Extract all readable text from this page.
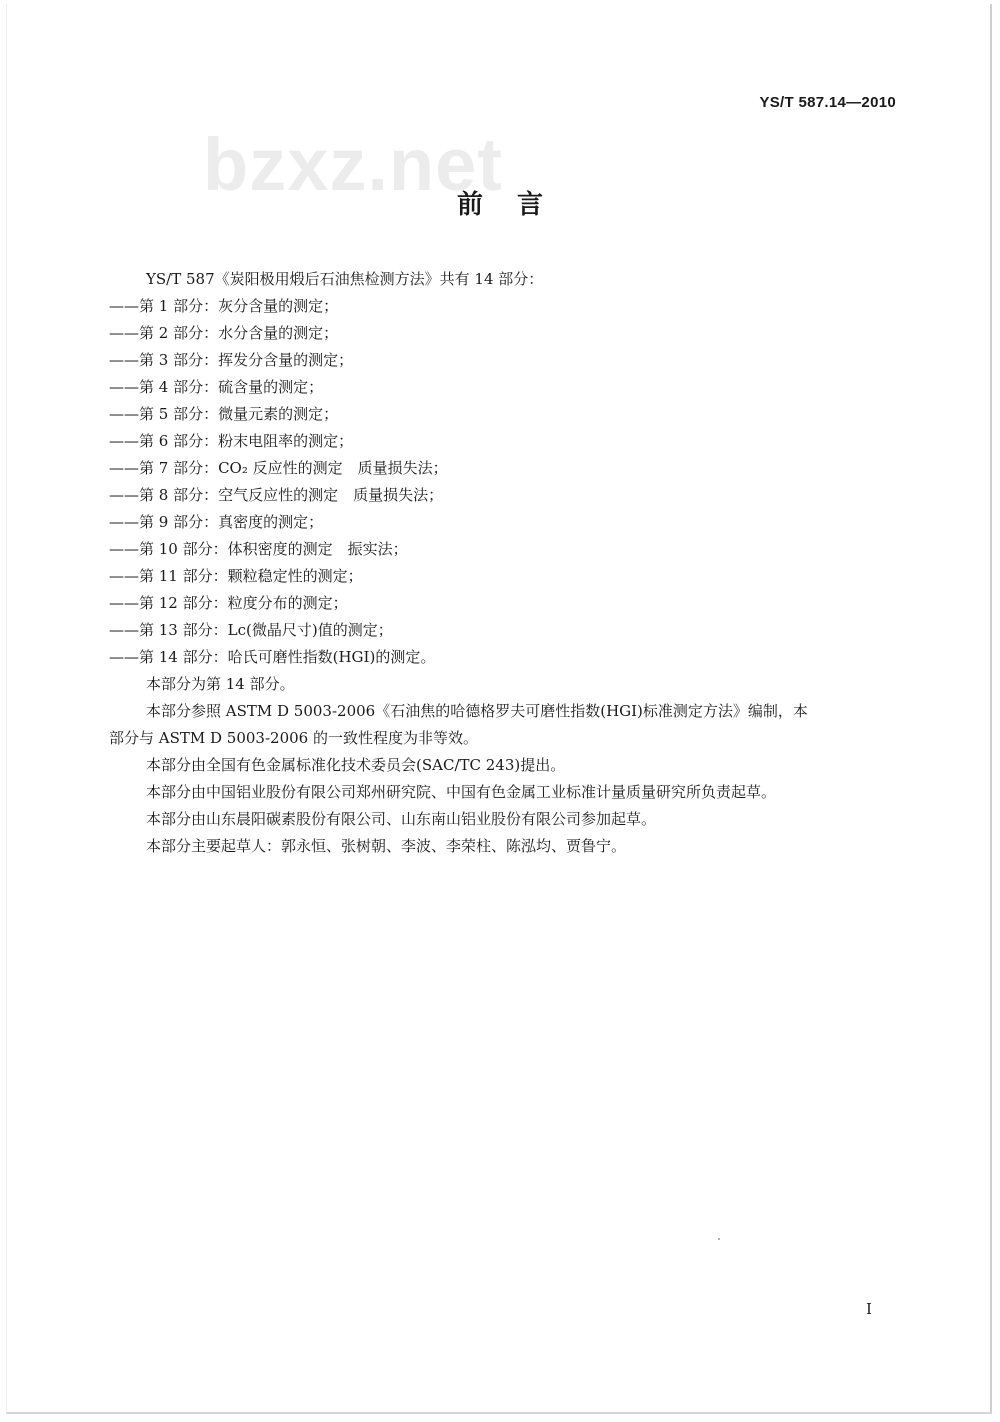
YS/T 587.14—2010
bzxz.net
前言
YS/T 587《炭阳极用煅后石油焦检测方法》共有 14 部分：
——第 1 部分：灰分含量的测定；
——第 2 部分：水分含量的测定；
——第 3 部分：挥发分含量的测定；
——第 4 部分：硫含量的测定；
——第 5 部分：微量元素的测定；
——第 6 部分：粉末电阻率的测定；
——第 7 部分：CO₂ 反应性的测定　质量损失法；
——第 8 部分：空气反应性的测定　质量损失法；
——第 9 部分：真密度的测定；
——第 10 部分：体积密度的测定　振实法；
——第 11 部分：颗粒稳定性的测定；
——第 12 部分：粒度分布的测定；
——第 13 部分：Lc(微晶尺寸)值的测定；
——第 14 部分：哈氏可磨性指数(HGI)的测定。
本部分为第 14 部分。
本部分参照 ASTM D 5003-2006《石油焦的哈德格罗夫可磨性指数(HGI)标准测定方法》编制，本
部分与 ASTM D 5003-2006 的一致性程度为非等效。
本部分由全国有色金属标准化技术委员会(SAC/TC 243)提出。
本部分由中国铝业股份有限公司郑州研究院、中国有色金属工业标准计量质量研究所负责起草。
本部分由山东晨阳碳素股份有限公司、山东南山铝业股份有限公司参加起草。
本部分主要起草人：郭永恒、张树朝、李波、李荣柱、陈泓均、贾鲁宁。
I
